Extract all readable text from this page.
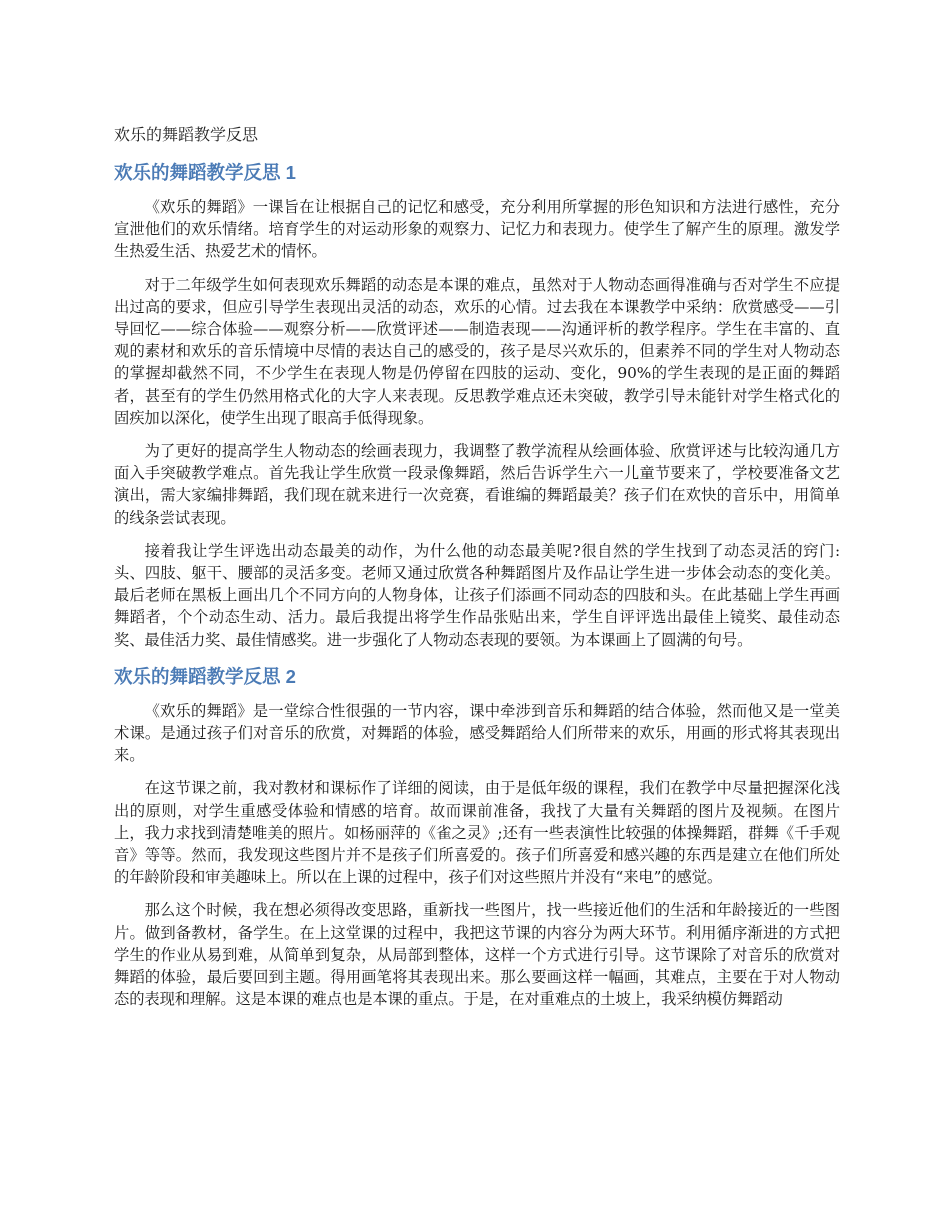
欢乐的舞蹈教学反思
欢乐的舞蹈教学反思 1

《欢乐的舞蹈》一课旨在让根据自己的记忆和感受，充分利用所掌握的形色知识和方法进行感性，充分宣泄他们的欢乐情绪。培育学生的对运动形象的观察力、记忆力和表现力。使学生了解产生的原理。激发学生热爱生活、热爱艺术的情怀。

对于二年级学生如何表现欢乐舞蹈的动态是本课的难点，虽然对于人物动态画得准确与否对学生不应提出过高的要求，但应引导学生表现出灵活的动态，欢乐的心情。过去我在本课教学中采纳：欣赏感受——引导回忆——综合体验——观察分析——欣赏评述——制造表现——沟通评析的教学程序。学生在丰富的、直观的素材和欢乐的音乐情境中尽情的表达自己的感受的，孩子是尽兴欢乐的，但素养不同的学生对人物动态的掌握却截然不同，不少学生在表现人物是仍停留在四肢的运动、变化，90%的学生表现的是正面的舞蹈者，甚至有的学生仍然用格式化的大字人来表现。反思教学难点还未突破，教学引导未能针对学生格式化的固疾加以深化，使学生出现了眼高手低得现象。

为了更好的提高学生人物动态的绘画表现力，我调整了教学流程从绘画体验、欣赏评述与比较沟通几方面入手突破教学难点。首先我让学生欣赏一段录像舞蹈，然后告诉学生六一儿童节要来了，学校要准备文艺演出，需大家编排舞蹈，我们现在就来进行一次竞赛，看谁编的舞蹈最美？孩子们在欢快的音乐中，用简单的线条尝试表现。

接着我让学生评选出动态最美的动作，为什么他的动态最美呢?很自然的学生找到了动态灵活的窍门:头、四肢、躯干、腰部的灵活多变。老师又通过欣赏各种舞蹈图片及作品让学生进一步体会动态的变化美。最后老师在黑板上画出几个不同方向的人物身体，让孩子们添画不同动态的四肢和头。在此基础上学生再画舞蹈者，个个动态生动、活力。最后我提出将学生作品张贴出来，学生自评评选出最佳上镜奖、最佳动态奖、最佳活力奖、最佳情感奖。进一步强化了人物动态表现的要领。为本课画上了圆满的句号。

欢乐的舞蹈教学反思 2

《欢乐的舞蹈》是一堂综合性很强的一节内容，课中牵涉到音乐和舞蹈的结合体验，然而他又是一堂美术课。是通过孩子们对音乐的欣赏，对舞蹈的体验，感受舞蹈给人们所带来的欢乐，用画的形式将其表现出来。

在这节课之前，我对教材和课标作了详细的阅读，由于是低年级的课程，我们在教学中尽量把握深化浅出的原则，对学生重感受体验和情感的培育。故而课前准备，我找了大量有关舞蹈的图片及视频。在图片上，我力求找到清楚唯美的照片。如杨丽萍的《雀之灵》;还有一些表演性比较强的体操舞蹈，群舞《千手观音》等等。然而，我发现这些图片并不是孩子们所喜爱的。孩子们所喜爱和感兴趣的东西是建立在他们所处的年龄阶段和审美趣味上。所以在上课的过程中，孩子们对这些照片并没有“来电”的感觉。

那么这个时候，我在想必须得改变思路，重新找一些图片，找一些接近他们的生活和年龄接近的一些图片。做到备教材，备学生。在上这堂课的过程中，我把这节课的内容分为两大环节。利用循序渐进的方式把学生的作业从易到难，从简单到复杂，从局部到整体，这样一个方式进行引导。这节课除了对音乐的欣赏对舞蹈的体验，最后要回到主题。得用画笔将其表现出来。那么要画这样一幅画，其难点，主要在于对人物动态的表现和理解。这是本课的难点也是本课的重点。于是，在对重难点的土坡上，我采纳模仿舞蹈动
